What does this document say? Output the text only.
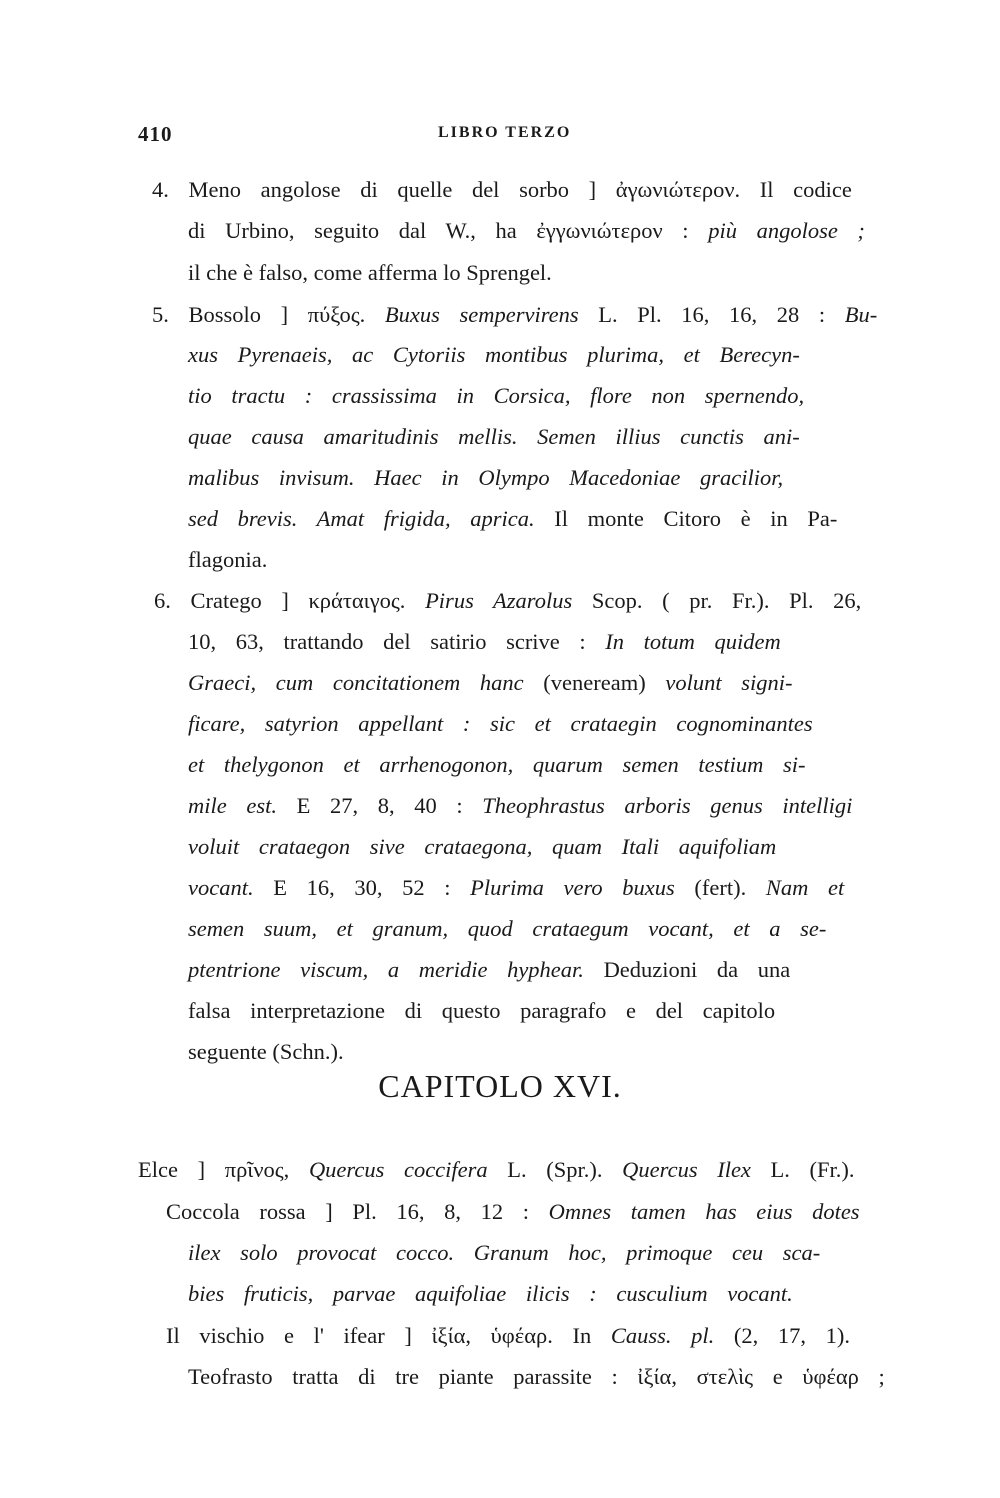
410	LIBRO TERZO
4. Meno angolose di quelle del sorbo ] ἀγωνιώτερον. Il codice
di Urbino, seguito dal W., ha ἐγγωνιώτερον : più angolose ;
il che è falso, come afferma lo Sprengel.
5. Bossolo ] πύξος. Buxus sempervirens L. Pl. 16, 16, 28 : Bu-
xus Pyrenaeis, ac Cytoriis montibus plurima, et Berecyn-
tio tractu : crassissima in Corsica, flore non spernendo,
quae causa amaritudinis mellis. Semen illius cunctis ani-
malibus invisum. Haec in Olympo Macedoniae gracilior,
sed brevis. Amat frigida, aprica. Il monte Citoro è in Pa-
flagonia.
6. Cratego ] κράταιγος. Pirus Azarolus Scop. ( pr. Fr.). Pl. 26,
10, 63, trattando del satirio scrive : In totum quidem
Graeci, cum concitationem hanc (veneream) volunt signi-
ficare, satyrion appellant : sic et crataegin cognominantes
et thelygonon et arrhenogonon, quarum semen testium si-
mile est. E 27, 8, 40 : Theophrastus arboris genus intelligi
voluit crataegon sive crataegona, quam Itali aquifoliam
vocant. E 16, 30, 52 : Plurima vero buxus (fert). Nam et
semen suum, et granum, quod crataegum vocant, et a se-
ptentrione viscum, a meridie hyphear. Deduzioni da una
falsa interpretazione di questo paragrafo e del capitolo
seguente (Schn.).
Elce ] πρῖνος, Quercus coccifera L. (Spr.). Quercus Ilex L. (Fr.).
Coccola rossa ] Pl. 16, 8, 12 : Omnes tamen has eius dotes
ilex solo provocat cocco. Granum hoc, primoque ceu sca-
bies fruticis, parvae aquifoliae ilicis : cusculium vocant.
Il vischio e l' ifear ] ἰξία, ὑφέαρ. In Causs. pl. (2, 17, 1).
Teofrasto tratta di tre piante parassite : ἰξία, στελὶς e ὑφέαρ ;
CAPITOLO XVI.
